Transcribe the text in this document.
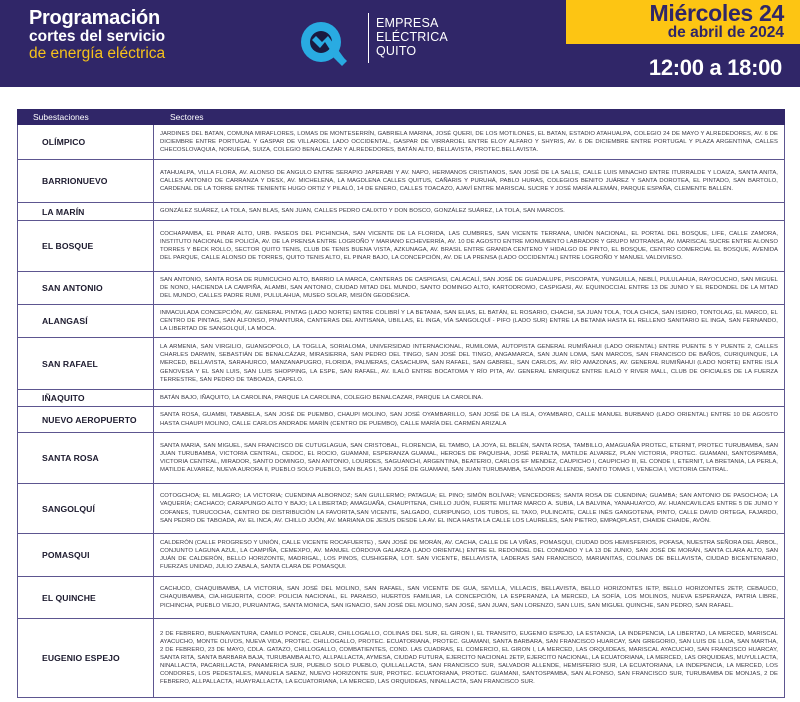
Programación
cortes del servicio
de energía eléctrica
EMPRESA
ELÉCTRICA
QUITO
Miércoles 24
de abril de 2024
12:00 a 18:00
Subestaciones	Sectores
OLÍMPICO	JARDINES DEL BATAN, COMUNA MIRAFLORES, LOMAS DE MONTESERRÍN, GABRIELA MARINA, JOSÉ QUERI, DE LOS MOTILONES, EL BATAN, ESTADIO ATAHUALPA, COLEGIO 24 DE MAYO Y ALREDEDORES, AV. 6 DE DICIEMBRE ENTRE PORTUGAL Y GASPAR DE VILLAROEL LADO OCCIDENTAL, GASPAR DE VIRRAROEL ENTRE ELOY ALFARO Y SHYRIS, AV. 6 DE DICIEMBRE ENTRE PORTUGAL Y PLAZA ARGENTINA, CALLES CHECOSLOVAQUIA, NORUEGA, SUIZA, COLEGIO BENALCAZAR Y ALREDEDORES, BATÁN ALTO, BELLAVISTA, PROTEC.BELLAVISTA.
BARRIONUEVO	ATAHUALPA, VILLA FLORA, AV. ALONSO DE ANGULO ENTRE SERAPIO JAPERABI Y AV. NAPO, HERMANOS CRISTIANOS, SAN JOSÉ DE LA SALLE, CALLE LUIS MINACHO ENTRE ITURRALDE Y LOAIZA, SANTA ANITA, CALLES ANTONIO DE CARRANZA Y DESX, AV. MICHELENA, LA MAGDLENA CALLES QUITUS, CAÑARIS Y PURUHÁ, PABLO HURAS, COLEGIOS BENITO JUÁREZ Y SANTA DOROTEA, EL PINTADO, SAN BARTOLO, CARDENAL DE LA TORRE ENTRE TENIENTE HUGO ORTIZ Y PILALÓ, 14 DE ENERO, CALLES TOACAZO, AJAVÍ ENTRE MARISCAL SUCRE Y JOSÉ MARÍA ALEMÁN, PARQUE ESPAÑA, CLEMENTE BALLÉN.
LA MARÍN	GONZÁLEZ SUÁREZ, LA TOLA, SAN BLAS, SAN JUAN, CALLES PEDRO CALIXTO Y DON BOSCO, GONZÁLEZ SUÁREZ, LA TOLA, SAN MARCOS.
EL BOSQUE	COCHAPAMBA, EL PINAR ALTO, URB. PASEOS DEL PICHINCHA, SAN VICENTE DE LA FLORIDA, LAS CUMBRES, SAN VICENTE TERRANA, UNIÓN NACIONAL, EL PORTAL DEL BOSQUE, LIFE, CALLE ZAMORA, INSTITUTO NACIONAL DE POLICÍA, AV. DE LA PRENSA ENTRE LOGROÑO Y MARIANO ECHEVERRÍA, AV. 10 DE AGOSTO ENTRE MONUMENTO LABRADOR Y GRUPO MOTRANSA, AV. MARISCAL SUCRE ENTRE ALONSO TORRES Y BECK ROLLO, SECTOR QUITO TENIS, CLUB DE TENIS BUENA VISTA, AZKUNAGA, AV. BRASIL ENTRE GRANDA CENTENO Y HIDALGO DE PINTO, EL BOSQUE, CENTRO COMERCIAL EL BOSQUE, AVENIDA DEL PARQUE, CALLE ALONSO DE TORRES, QUITO TENIS ALTO, EL PINAR BAJO, LA CONCEPCIÓN, AV. DE LA PRENSA (LADO OCCIDENTAL) ENTRE LOGROÑO Y MANUEL VALDIVIESO.
SAN ANTONIO	SAN ANTONIO, SANTA ROSA DE RUMICUCHO ALTO, BARRIO LA MARCA, CANTERAS DE CASPIGASI, CALACALÍ, SAN JOSÉ DE GUADALUPE, PISCOPATA, YUNGUILLA, NEBLÍ, PULULAHUA, RAYOCUCHO, SAN MIGUEL DE NONO, HACIENDA LA CAMPIÑA, ALAMBI, SAN ANTONIO, CIUDAD MITAD DEL MUNDO, SANTO DOMINGO ALTO, KARTODROMO, CASPIGASI, AV. EQUINOCCIAL ENTRE 13 DE JUNIO Y EL REDONDEL DE LA MITAD DEL MUNDO, CALLES PADRE RUMI, PULULAHUA, MUSEO SOLAR, MISIÓN GEODÉSICA.
ALANGASÍ	INMACULADA CONCEPCIÓN, AV. GENERAL PINTAG (LADO NORTE) ENTRE COLIBRÍ Y LA BETANIA, SAN ELIAS, EL BATÁN, EL ROSARIO, CHACHI, SA JUAN TOLA, TOLA CHICA, SAN ISIDRO, TONTOLAG, EL MARCO, EL CENTRO DE PINTAG, SAN ALFONSO, PINANTURA, CANTERAS DEL ANTISANA, UBILLAS, EL INGA, VÍA SANGOLQUÍ - PIFO (LADO SUR) ENTRE LA BETANIA HASTA EL RELLENO SANITARIO EL INGA, SAN FERNANDO, LA LIBERTAD DE SANGOLQUÍ, LA MOCA.
SAN RAFAEL	LA ARMENIA, SAN VIRGILIO, GUANGOPOLO, LA TOGLLA, SORIALOMA, UNIVERSIDAD INTERNACIONAL, RUMILOMA, AUTOPISTA GENERAL RUMIÑAHUI (LADO ORIENTAL) ENTRE PUENTE 5 Y PUENTE 2, CALLES CHARLES DARWIN, SEBASTIÁN DE BENALCÁZAR, MIRASIERRA, SAN PEDRO DEL TINGO, SAN JOSÉ DEL TINGO, ANGAMARCA, SAN JUAN LOMA, SAN MARCOS, SAN FRANCISCO DE BAÑOS, CURIQUINQUE, LA MERCED, BELLAVISTA, SARAHURCO, MANZANAPUGRO, FLORIDA, PALMERAS, CASACHUPA, SAN RAFAEL, SAN GABRIEL, SAN CARLOS, AV. RÍO AMAZONAS, AV. GENERAL RUMIÑAHUI (LADO NORTE) ENTRE ISLA GENOVESA Y EL SAN LUIS, SAN LUIS SHOPPING, LA ESPE, SAN RAFAEL, AV. ILALÓ ENTRE BOCATOMA Y RÍO PITA, AV. GENERAL ENRIQUEZ ENTRE ILALÓ Y RIVER MALL, CLUB DE OFICIALES DE LA FUERZA TERRESTRE, SAN PEDRO DE TABOADA, CAPELO.
IÑAQUITO	BATÁN BAJO, IÑAQUITO, LA CAROLINA, PARQUE LA CAROLINA, COLEGIO BENALCAZAR, PARQUE LA CAROLINA.
NUEVO AEROPUERTO	SANTA ROSA, GUAMBI, TABABELA, SAN JOSÉ DE PUEMBO, CHAUPI MOLINO, SAN JOSÉ OYAMBARILLO, SAN JOSÉ DE LA ISLA, OYAMBARO, CALLE MANUEL BURBANO (LADO ORIENTAL) ENTRE 10 DE AGOSTO HASTA CHAUPI MOLINO, CALLE CARLOS ANDRADE MARÍN (CENTRO DE PUEMBO), CALLE MARÍA DEL CARMÉN ARIZALA
SANTA ROSA	SANTA MARIA, SAN MIGUEL, SAN FRANCISCO DE CUTUGLAGUA, SAN CRISTOBAL, FLORENCIA, EL TAMBO, LA JOYA, EL BELÉN, SANTA ROSA, TAMBILLO, AMAGUAÑA PROTEC, ETERNIT, PROTEC TURUBAMBA, SAN JUAN TURUBAMBA, VICTORIA CENTRAL, CEDOC, EL ROCIO, GUAMANI, ESPERANZA GUAMAL, HEROES DE PAQUISHA, JOSÉ PERALTA, MATILDE ALVAREZ, PLAN VICTORIA, PROTEC. GUAMANI, SANTOSPAMBA, VICTORIA CENTRAL, MIRADOR, SANTO DOMINGO, SAN ANTONIO, LOURDES, SAGUANCHI, ARGENTINA, BEATERIO, CARLOS EF MENDEZ, CAUPICHO I, CAUPICHO III, EL CONDE I, ETERNIT, LA BRETANIA, LA PERLA, MATILDE ALVAREZ, NUEVA AURORA II, PUEBLO SOLO PUEBLO, SAN BLAS I, SAN JOSÉ DE GUAMANI, SAN JUAN TURUBAMBA, SALVADOR ALLENDE, SANTO TOMAS I, VENECIA I, VICTORIA CENTRAL.
SANGOLQUÍ	COTOGCHOA; EL MILAGRO; LA VICTORIA; CUENDINA ALBORNOZ; SAN GUILLERMO; PATAGUA; EL PINO; SIMÓN BOLÍVAR; VENCEDORES; SANTA ROSA DE CUENDINA; GUAMBA; SAN ANTONIO DE PASOCHOA; LA VAQUERÍA; CACHACO; CARAPUNGO ALTO Y BAJO; LA LIBERTAD; AMAGUAÑA, CHAUPITENA, CHILLO JUÓN, FUERTE MILITAR MARCO A. SUBIA, LA BALVINA, YANAHUAYCO, AV. HUANCAVILCAS ENTRE 5 DE JUNIO Y COFANES, TURUCOCHA, CENTRO DE DISTRIBUCIÓN LA FAVORITA,SAN VICENTE, SALGADO, CURIPUNGO, LOS TUBOS, EL TAXO, PULINCATE, CALLE INÉS GANGOTENA, PINTO, CALLE DAVID ORTEGA, FAJARDO, SAN PEDRO DE TABOADA, AV. EL INCA, AV. CHILLO JUÓN, AV. MARIANA DE JESUS DESDE LA AV. EL INCA HASTA LA CALLE LOS LAURELES, SAN PIETRO, EMPAQPLAST, CHAIDE CHAIDE, AVÓN.
POMASQUI	CALDERÓN (CALLE PROGRESO Y UNIÓN, CALLE VICENTE ROCAFUERTE) , SAN JOSÉ DE MORÁN, AV. CACHA, CALLE DE LA VIÑAS, POMASQUI, CIUDAD DOS HEMISFERIOS, POFASA, NUESTRA SEÑORA DEL ÁRBOL, CONJUNTO LAGUNA AZUL, LA CAMPIÑA, CEMEXPO, AV. MANUEL CÓRDOVA GALARZA (LADO ORIENTAL) ENTRE EL REDONDEL DEL CONDADO Y LA 13 DE JUNIO, SAN JOSÉ DE MORÁN, SANTA CLARA ALTO, SAN JUÁN DE CALDERÓN, BELLO HORIZONTE, MADRIGAL, LOS PINOS, CUSHIGERA, LOT. SAN VICENTE, BELLAVISTA, LADERAS SAN FRANCISCO, MARIANITAS, COLINAS DE BELLAVISTA, CIUDAD BICENTENARIO, FUERZAS UNIDAD, JULIO ZABALA, SANTA CLARA DE POMASQUI.
EL QUINCHE	CACHUCO, CHAQUIBAMBA, LA VICTORIA, SAN JOSÉ DEL MOLINO, SAN RAFAEL, SAN VICENTE DE GUA, SEVILLA, VILLACIS, BELLAVISTA, BELLO HORIZONTES IETP, BELLO HORIZONTES 2ETP, CEBAUCO, CHAQUIBAMBA, CIA.HIGUERITA, COOP. POLICIA NACIONAL, EL PARAISO, HUERTOS FAMILIAR, LA CONCEPCIÓN, LA ESPERANZA, LA MERCED, LA SOFÍA, LOS MOLINOS, NUEVA ESPERANZA, PATRIA LIBRE, PICHINCHA, PUEBLO VIEJO, PURUANTAG, SANTA MONICA, SAN IGNACIO, SAN JOSÉ DEL MOLINO, SAN JOSÉ, SAN JUAN, SAN LORENZO, SAN LUIS, SAN MIGUEL QUINCHE, SAN PEDRO, SAN RAFAEL.
EUGENIO ESPEJO	2 DE FEBRERO, BUENAVENTURA, CAMILO PONCE, CELAUR, CHILLOGALLO, COLINAS DEL SUR, EL GIRON I, EL TRANSITO, EUGENIO ESPEJO, LA ESTANCIA, LA INDEPENCIA, LA LIBERTAD, LA MERCED, MARISCAL AYACUCHO, MONTE OLIVOS, NUEVA VIDA, PROTEC. CHILLOGALLO, PROTEC. ECUATORIANA, PROTEC. GUAMANI, SANTA BARBARA, SAN FRANCISCO HUARCAY, SAN GREGORIO, SAN LUIS DE LLOA, SAN MARTHA, 2 DE FEBRERO, 23 DE MAYO, CDLA. GATAZO, CHILLOGALLO, COMBATIENTES, COND. LAS CUADRAS, EL COMERCIO, EL GIRON I, LA MERCED, LAS ORQUIDEAS, MARISCAL AYACUCHO, SAN FRANCISCO HUARCAY, SANTA RITA, SANTA BARBARA BAJA, TURUBAMBA ALTO, ALLPALLACTA, AYMESA, CIUDAD FUTURA, EJERCITO NACIONAL 2ETP, EJERCITO NACIONAL, LA ECUATORIANA, LA MERCED, LAS ORQUIDEAS, MUYULLACTA, NINALLACTA, PACARILLACTA, PANAMERICA SUR, PUEBLO SOLO PUEBLO, QUILLALLACTA, SAN FRANCISCO SUR, SALVADOR ALLENDE, HEMISFERIO SUR, LA ECUATORIANA, LA INDEPENCIA, LA MERCED, LOS CONDORES, LOS PEDESTALES, MANUELA SAENZ, NUEVO HORIZONTE SUR, PROTEC. ECUATORIANA, PROTEC. GUAMANI, SANTOSPAMBA, SAN ALFONSO, SAN FRANCISCO SUR, TURUBAMBA DE MONJAS, 2 DE FEBRERO, ALLPALLACTA, HUAYRALLACTA, LA ECUATORIANA, LA MERCED, LAS ORQUIDEAS, NINALLACTA, SAN FRANCISCO SUR.
